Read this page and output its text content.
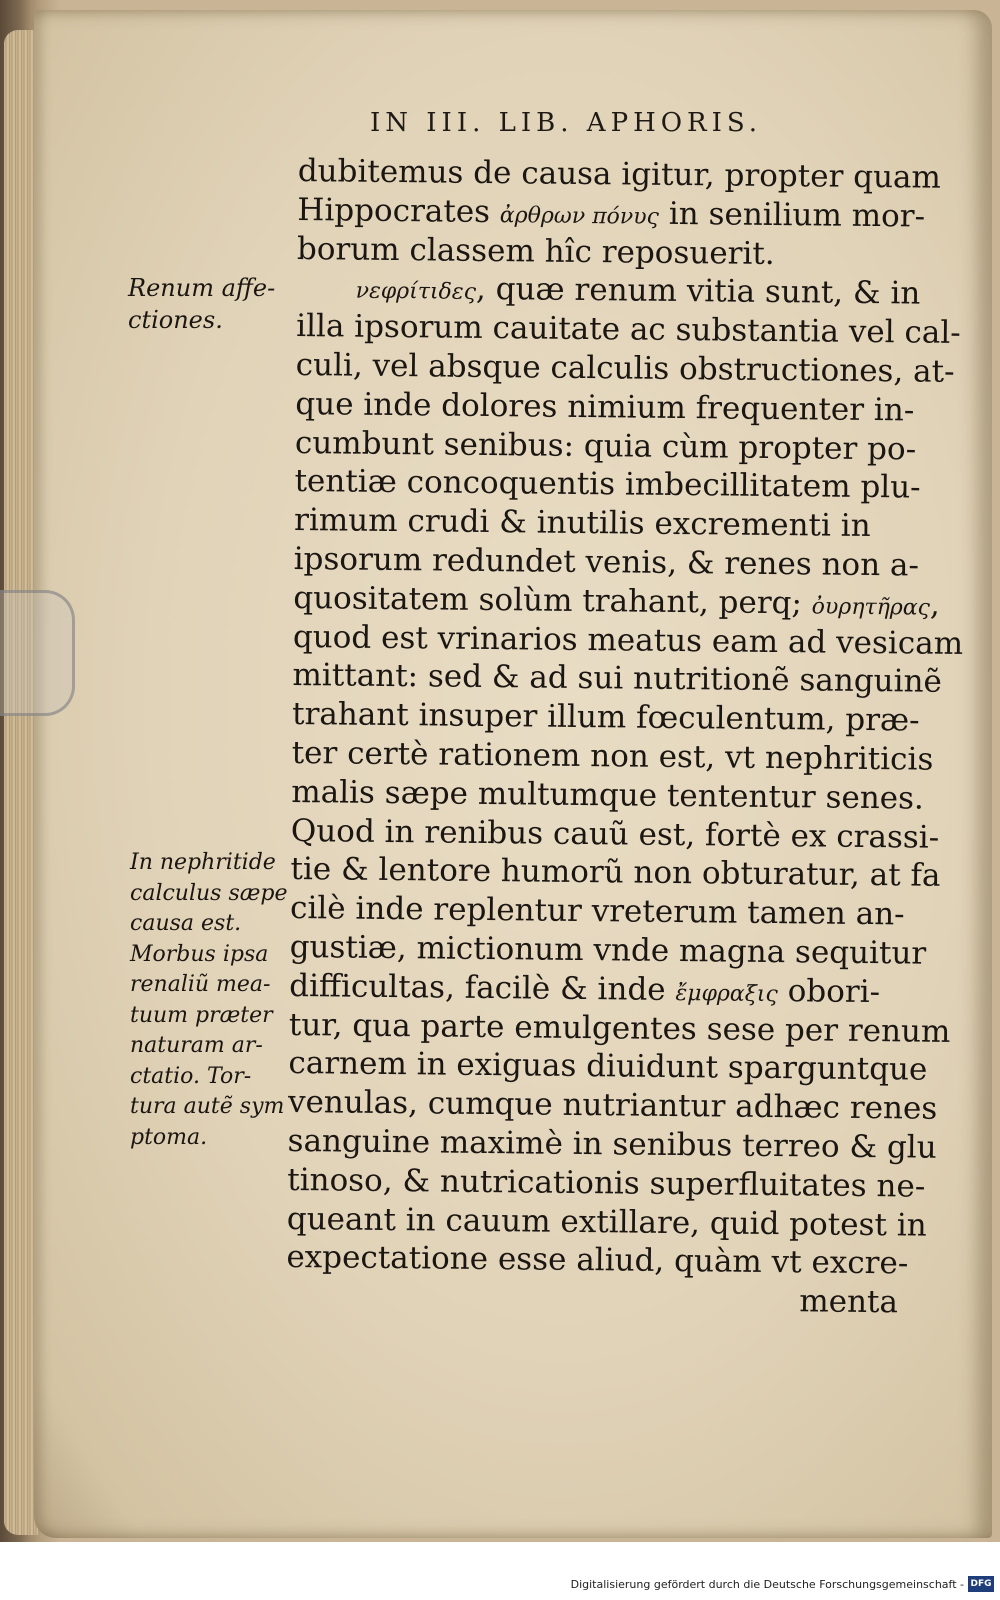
IN III. LIB. APHORIS.
Renum affe-
ctiones.
In nephritide
calculus sæpe
causa est.
Morbus ipsa
renaliũ mea-
tuum præter
naturam ar-
ctatio. Tor-
tura autẽ sym
ptoma.
dubitemus de causa igitur, propter quam
Hippocrates ἀρθρων πόνυς in senilium mor-
borum classem hîc reposuerit.
νεφρίτιδες, quæ renum vitia sunt, & in
illa ipsorum cauitate ac substantia vel cal-
culi, vel absque calculis obstructiones, at-
que inde dolores nimium frequenter in-
cumbunt senibus: quia cùm propter po-
tentiæ concoquentis imbecillitatem plu-
rimum crudi & inutilis excrementi in
ipsorum redundet venis, & renes non a-
quositatem solùm trahant, perq; ὀυρητῆρας,
quod est vrinarios meatus eam ad vesicam
mittant: sed & ad sui nutritionẽ sanguinẽ
trahant insuper illum fœculentum, præ-
ter certè rationem non est, vt nephriticis
malis sæpe multumque tententur senes.
Quod in renibus cauũ est, fortè ex crassi-
tie & lentore humorũ non obturatur, at fa
cilè inde replentur vreterum tamen an-
gustiæ, mictionum vnde magna sequitur
difficultas, facilè & inde ἔμφραξις obori-
tur, qua parte emulgentes sese per renum
carnem in exiguas diuidunt sparguntque
venulas, cumque nutriantur adhæc renes
sanguine maximè in senibus terreo & glu
tinoso, & nutricationis superfluitates ne-
queant in cauum extillare, quid potest in
expectatione esse aliud, quàm vt excre-
menta
Digitalisierung gefördert durch die Deutsche Forschungsgemeinschaft - DFG
